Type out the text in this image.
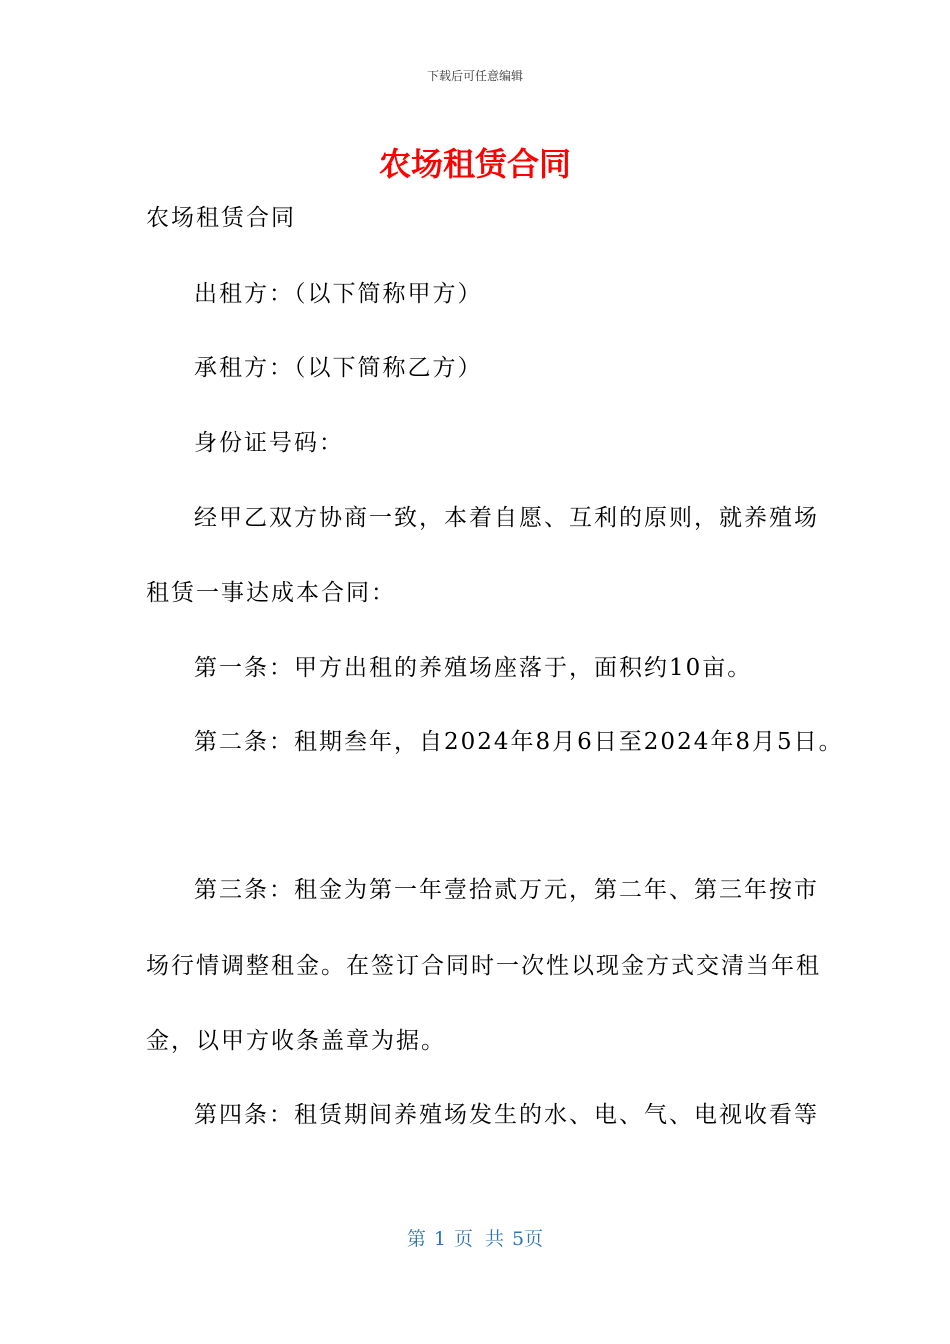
下载后可任意编辑
农场租赁合同
农场租赁合同
出租方：（以下简称甲方）
承租方：（以下简称乙方）
身份证号码：
经甲乙双方协商一致，本着自愿、互利的原则，就养殖场
租赁一事达成本合同：
第一条：甲方出租的养殖场座落于，面积约10亩。
第二条：租期叁年，自2024年8月6日至2024年8月5日。
第三条：租金为第一年壹拾贰万元，第二年、第三年按市
场行情调整租金。在签订合同时一次性以现金方式交清当年租
金，以甲方收条盖章为据。
第四条：租赁期间养殖场发生的水、电、气、电视收看等
第 1 页 共 5页
